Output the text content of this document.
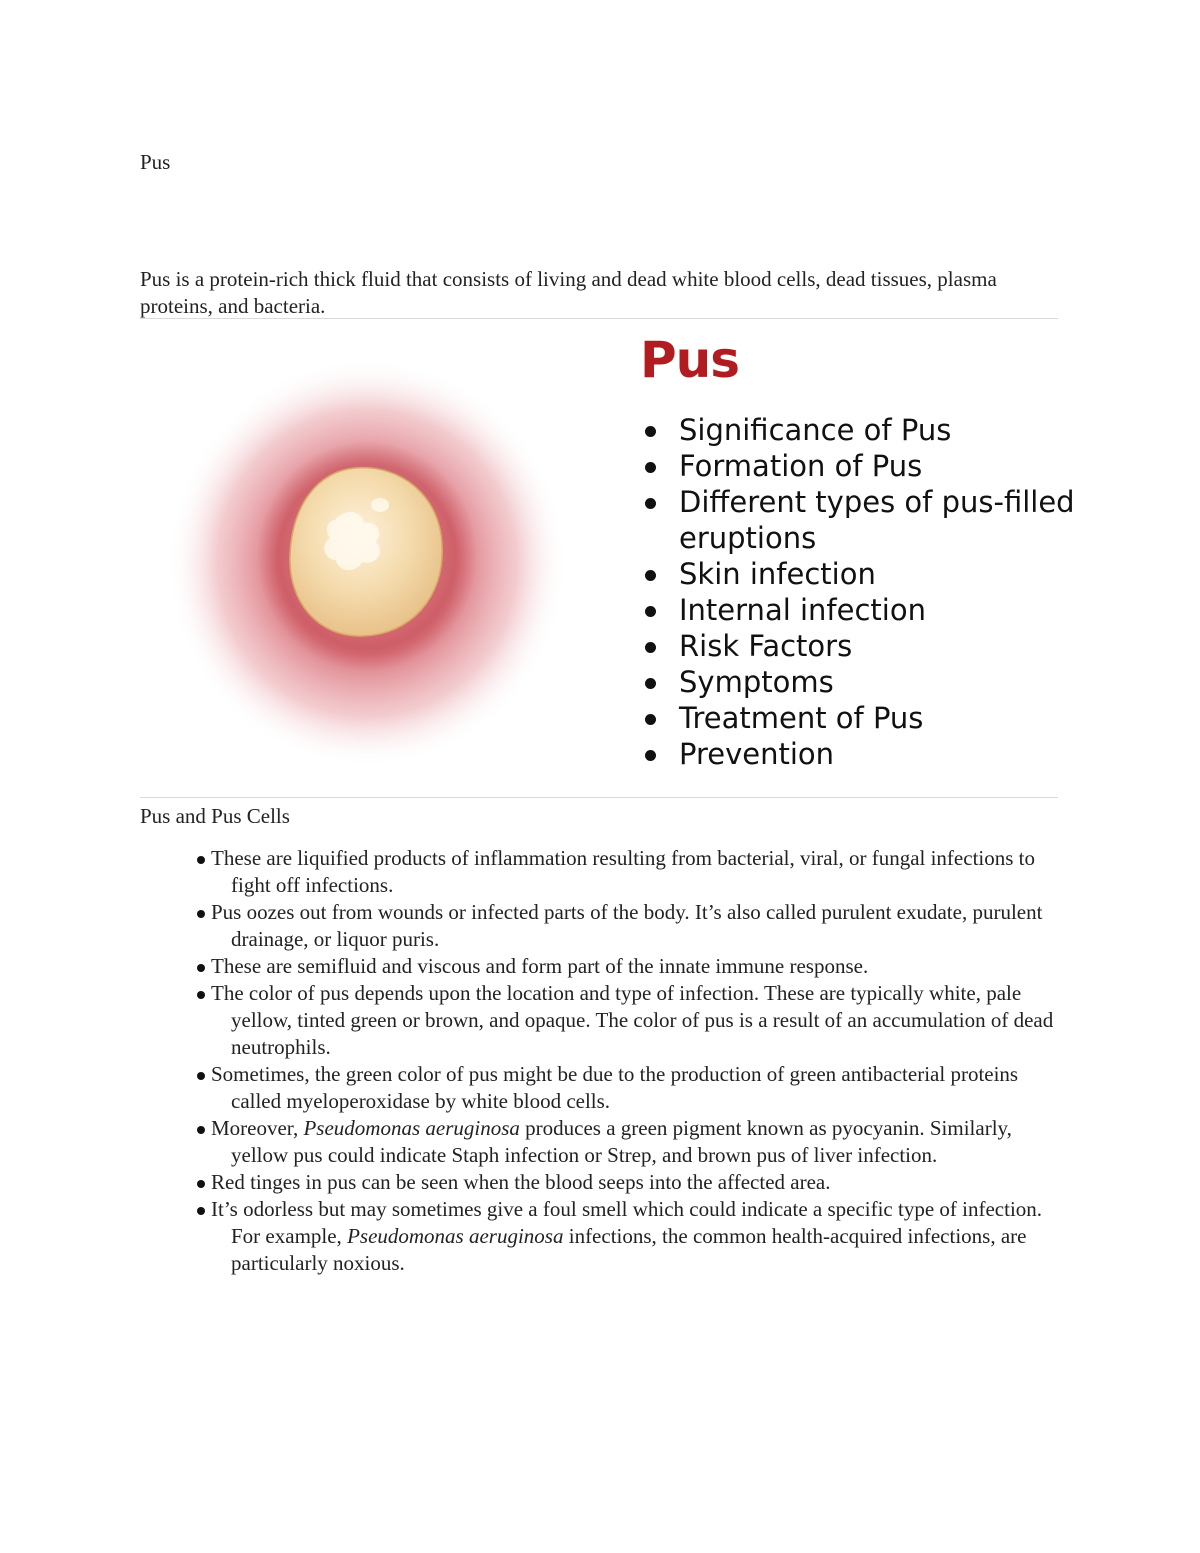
Pus

Pus is a protein-rich thick fluid that consists of living and dead white blood cells, dead tissues, plasma proteins, and bacteria.

Pus
Significance of Pus
Formation of Pus
Different types of pus-filled eruptions
Skin infection
Internal infection
Risk Factors
Symptoms
Treatment of Pus
Prevention
Pus and Pus Cells
These are liquified products of inflammation resulting from bacterial, viral, or fungal infections to fight off infections.
Pus oozes out from wounds or infected parts of the body. It’s also called purulent exudate, purulent drainage, or liquor puris.
These are semifluid and viscous and form part of the innate immune response.
The color of pus depends upon the location and type of infection. These are typically white, pale yellow, tinted green or brown, and opaque. The color of pus is a result of an accumulation of dead neutrophils.
Sometimes, the green color of pus might be due to the production of green antibacterial proteins called myeloperoxidase by white blood cells.
Moreover, Pseudomonas aeruginosa produces a green pigment known as pyocyanin. Similarly, yellow pus could indicate Staph infection or Strep, and brown pus of liver infection.
Red tinges in pus can be seen when the blood seeps into the affected area.
It’s odorless but may sometimes give a foul smell which could indicate a specific type of infection. For example, Pseudomonas aeruginosa infections, the common health-acquired infections, are particularly noxious.
